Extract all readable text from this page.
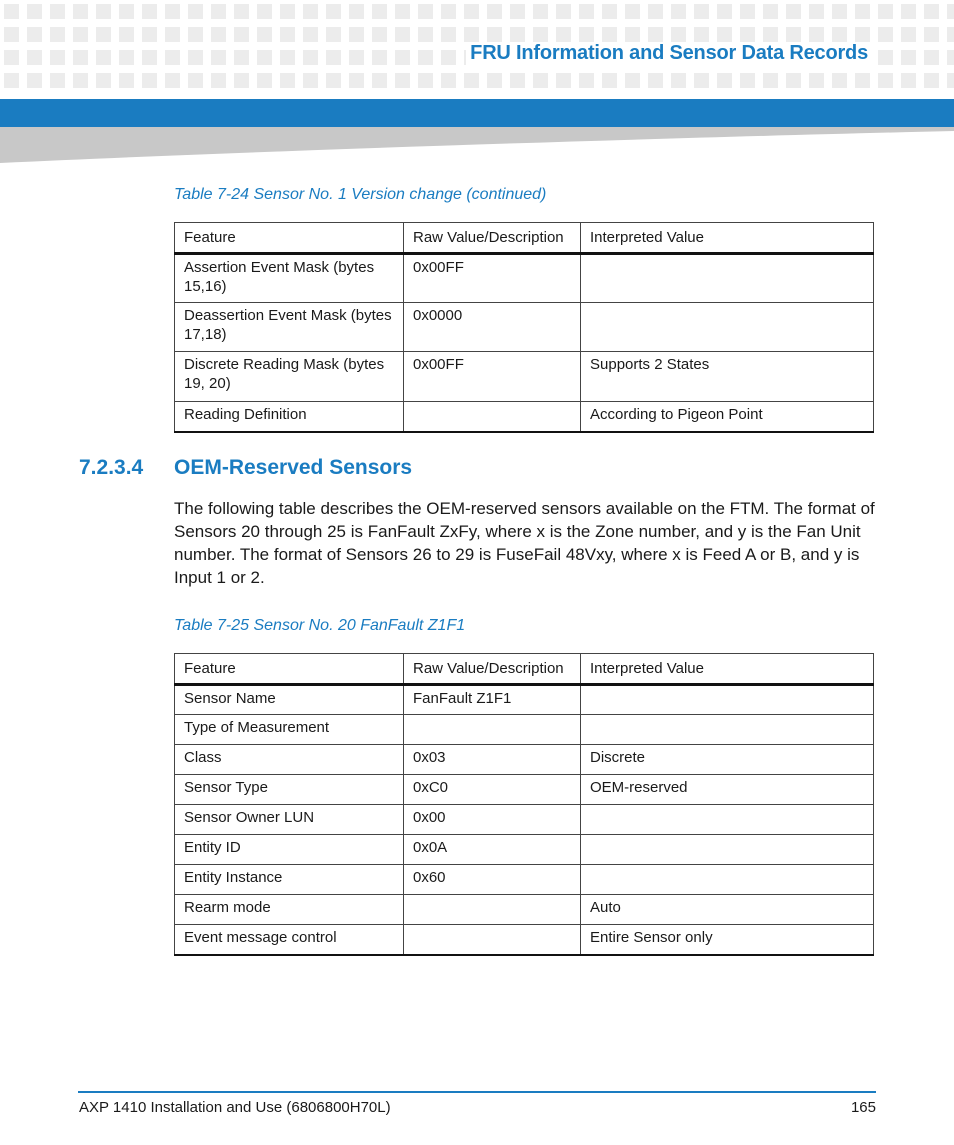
FRU Information and Sensor Data Records
Table 7-24 Sensor No. 1 Version change (continued)
Feature	Raw Value/Description	Interpreted Value
Assertion Event Mask (bytes 15,16)	0x00FF	
Deassertion Event Mask (bytes 17,18)	0x0000	
Discrete Reading Mask (bytes 19, 20)	0x00FF	Supports 2 States
Reading Definition		According to Pigeon Point
7.2.3.4 OEM-Reserved Sensors
The following table describes the OEM-reserved sensors available on the FTM. The format of Sensors 20 through 25 is FanFault ZxFy, where x is the Zone number, and y is the Fan Unit number. The format of Sensors 26 to 29 is FuseFail 48Vxy, where x is Feed A or B, and y is Input 1 or 2.
Table 7-25 Sensor No. 20 FanFault Z1F1
Feature	Raw Value/Description	Interpreted Value
Sensor Name	FanFault Z1F1	
Type of Measurement		
Class	0x03	Discrete
Sensor Type	0xC0	OEM-reserved
Sensor Owner LUN	0x00	
Entity ID	0x0A	
Entity Instance	0x60	
Rearm mode		Auto
Event message control		Entire Sensor only
AXP 1410 Installation and Use (6806800H70L)	165
